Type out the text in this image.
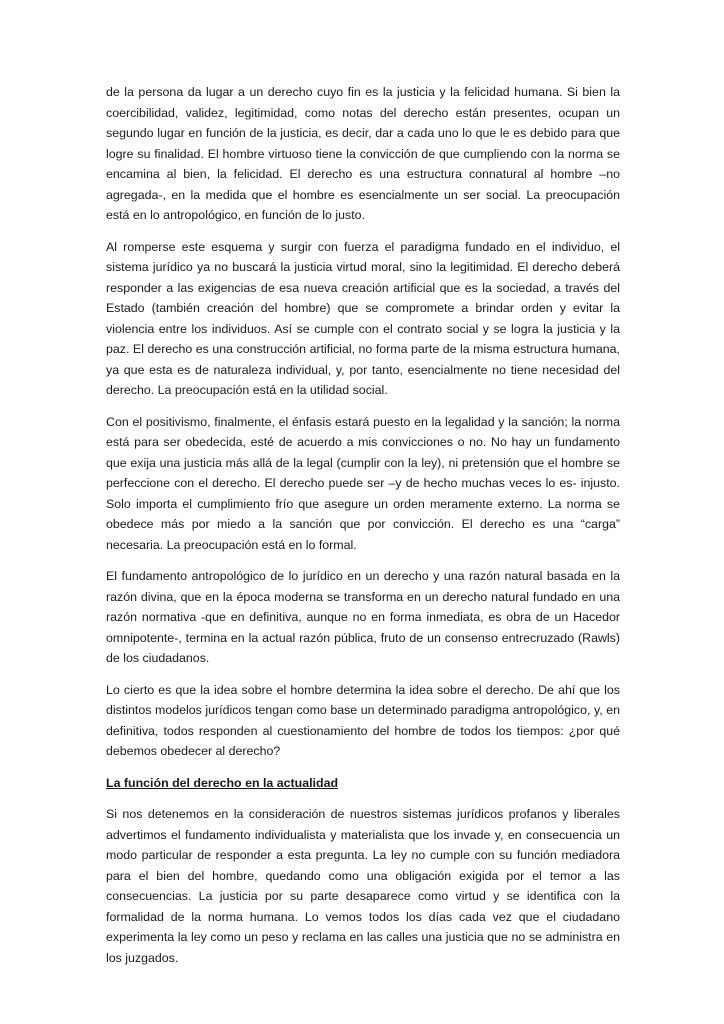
de la persona da lugar a un derecho cuyo fin es la justicia y la felicidad humana. Si bien la coercibilidad, validez, legitimidad, como notas del derecho están presentes, ocupan un segundo lugar en función de la justicia, es decir, dar a cada uno lo que le es debido para que logre su finalidad. El hombre virtuoso tiene la convicción de que cumpliendo con la norma se encamina al bien, la felicidad. El derecho es una estructura connatural al hombre –no agregada-, en la medida que el hombre es esencialmente un ser social. La preocupación está en lo antropológico, en función de lo justo.

Al romperse este esquema y surgir con fuerza el paradigma fundado en el individuo, el sistema jurídico ya no buscará la justicia virtud moral, sino la legitimidad. El derecho deberá responder a las exigencias de esa nueva creación artificial que es la sociedad, a través del Estado (también creación del hombre) que se compromete a brindar orden y evitar la violencia entre los individuos. Así se cumple con el contrato social y se logra la justicia y la paz. El derecho es una construcción artificial, no forma parte de la misma estructura humana, ya que esta es de naturaleza individual, y, por tanto, esencialmente no tiene necesidad del derecho. La preocupación está en la utilidad social.

Con el positivismo, finalmente, el énfasis estará puesto en la legalidad y la sanción; la norma está para ser obedecida, esté de acuerdo a mis convicciones o no. No hay un fundamento que exija una justicia más allá de la legal (cumplir con la ley), ni pretensión que el hombre se perfeccione con el derecho. El derecho puede ser –y de hecho muchas veces lo es- injusto. Solo importa el cumplimiento frío que asegure un orden meramente externo. La norma se obedece más por miedo a la sanción que por convicción. El derecho es una “carga” necesaria. La preocupación está en lo formal.

El fundamento antropológico de lo jurídico en un derecho y una razón natural basada en la razón divina, que en la época moderna se transforma en un derecho natural fundado en una razón normativa -que en definitiva, aunque no en forma inmediata, es obra de un Hacedor omnipotente-, termina en la actual razón pública, fruto de un consenso entrecruzado (Rawls) de los ciudadanos.

Lo cierto es que la idea sobre el hombre determina la idea sobre el derecho. De ahí que los distintos modelos jurídicos tengan como base un determinado paradigma antropológico, y, en definitiva, todos responden al cuestionamiento del hombre de todos los tiempos: ¿por qué debemos obedecer al derecho?

La función del derecho en la actualidad

Si nos detenemos en la consideración de nuestros sistemas jurídicos profanos y liberales advertimos el fundamento individualista y materialista que los invade y, en consecuencia un modo particular de responder a esta pregunta. La ley no cumple con su función mediadora para el bien del hombre, quedando como una obligación exigida por el temor a las consecuencias. La justicia por su parte desaparece como virtud y se identifica con la formalidad de la norma humana. Lo vemos todos los días cada vez que el ciudadano experimenta la ley como un peso y reclama en las calles una justicia que no se administra en los juzgados.
